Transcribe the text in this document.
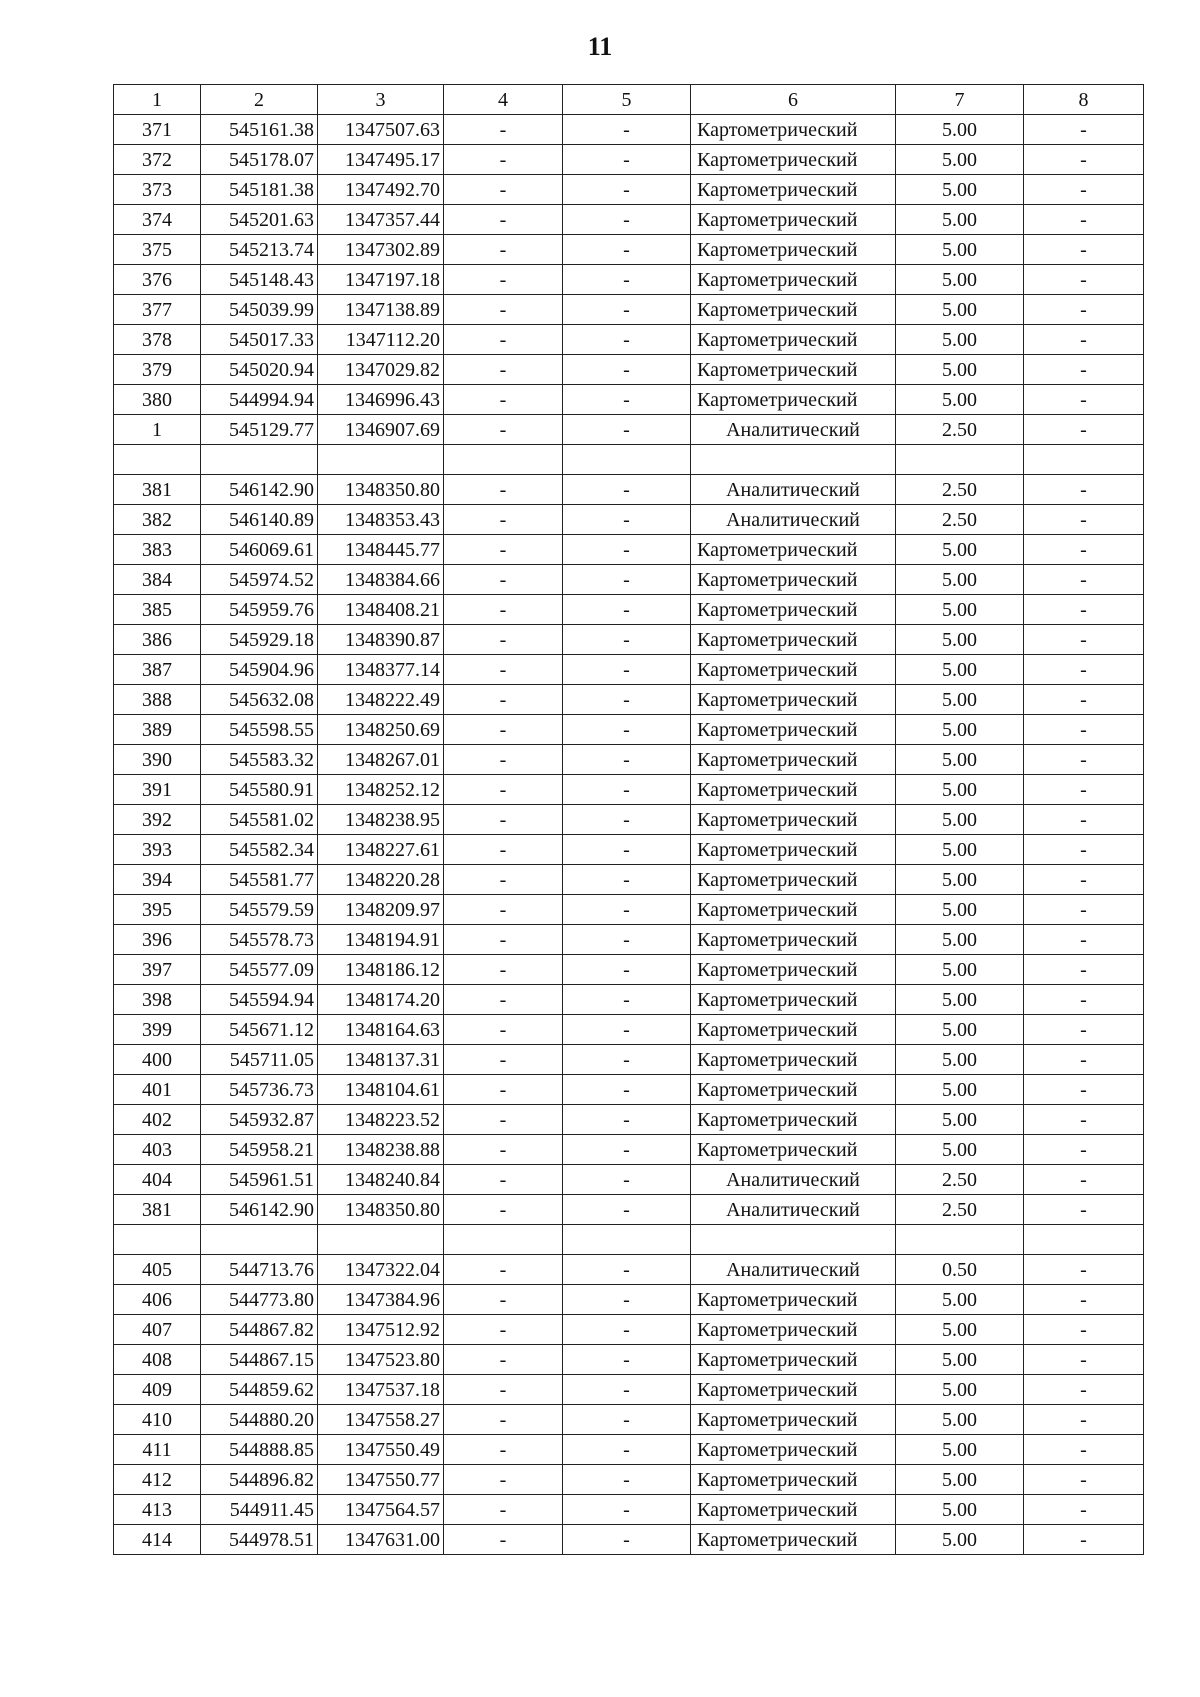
11
1	2	3	4	5	6	7	8
371	545161.38	1347507.63	-	-	Картометрический	5.00	-
372	545178.07	1347495.17	-	-	Картометрический	5.00	-
373	545181.38	1347492.70	-	-	Картометрический	5.00	-
374	545201.63	1347357.44	-	-	Картометрический	5.00	-
375	545213.74	1347302.89	-	-	Картометрический	5.00	-
376	545148.43	1347197.18	-	-	Картометрический	5.00	-
377	545039.99	1347138.89	-	-	Картометрический	5.00	-
378	545017.33	1347112.20	-	-	Картометрический	5.00	-
379	545020.94	1347029.82	-	-	Картометрический	5.00	-
380	544994.94	1346996.43	-	-	Картометрический	5.00	-
1	545129.77	1346907.69	-	-	Аналитический	2.50	-

381	546142.90	1348350.80	-	-	Аналитический	2.50	-
382	546140.89	1348353.43	-	-	Аналитический	2.50	-
383	546069.61	1348445.77	-	-	Картометрический	5.00	-
384	545974.52	1348384.66	-	-	Картометрический	5.00	-
385	545959.76	1348408.21	-	-	Картометрический	5.00	-
386	545929.18	1348390.87	-	-	Картометрический	5.00	-
387	545904.96	1348377.14	-	-	Картометрический	5.00	-
388	545632.08	1348222.49	-	-	Картометрический	5.00	-
389	545598.55	1348250.69	-	-	Картометрический	5.00	-
390	545583.32	1348267.01	-	-	Картометрический	5.00	-
391	545580.91	1348252.12	-	-	Картометрический	5.00	-
392	545581.02	1348238.95	-	-	Картометрический	5.00	-
393	545582.34	1348227.61	-	-	Картометрический	5.00	-
394	545581.77	1348220.28	-	-	Картометрический	5.00	-
395	545579.59	1348209.97	-	-	Картометрический	5.00	-
396	545578.73	1348194.91	-	-	Картометрический	5.00	-
397	545577.09	1348186.12	-	-	Картометрический	5.00	-
398	545594.94	1348174.20	-	-	Картометрический	5.00	-
399	545671.12	1348164.63	-	-	Картометрический	5.00	-
400	545711.05	1348137.31	-	-	Картометрический	5.00	-
401	545736.73	1348104.61	-	-	Картометрический	5.00	-
402	545932.87	1348223.52	-	-	Картометрический	5.00	-
403	545958.21	1348238.88	-	-	Картометрический	5.00	-
404	545961.51	1348240.84	-	-	Аналитический	2.50	-
381	546142.90	1348350.80	-	-	Аналитический	2.50	-

405	544713.76	1347322.04	-	-	Аналитический	0.50	-
406	544773.80	1347384.96	-	-	Картометрический	5.00	-
407	544867.82	1347512.92	-	-	Картометрический	5.00	-
408	544867.15	1347523.80	-	-	Картометрический	5.00	-
409	544859.62	1347537.18	-	-	Картометрический	5.00	-
410	544880.20	1347558.27	-	-	Картометрический	5.00	-
411	544888.85	1347550.49	-	-	Картометрический	5.00	-
412	544896.82	1347550.77	-	-	Картометрический	5.00	-
413	544911.45	1347564.57	-	-	Картометрический	5.00	-
414	544978.51	1347631.00	-	-	Картометрический	5.00	-
